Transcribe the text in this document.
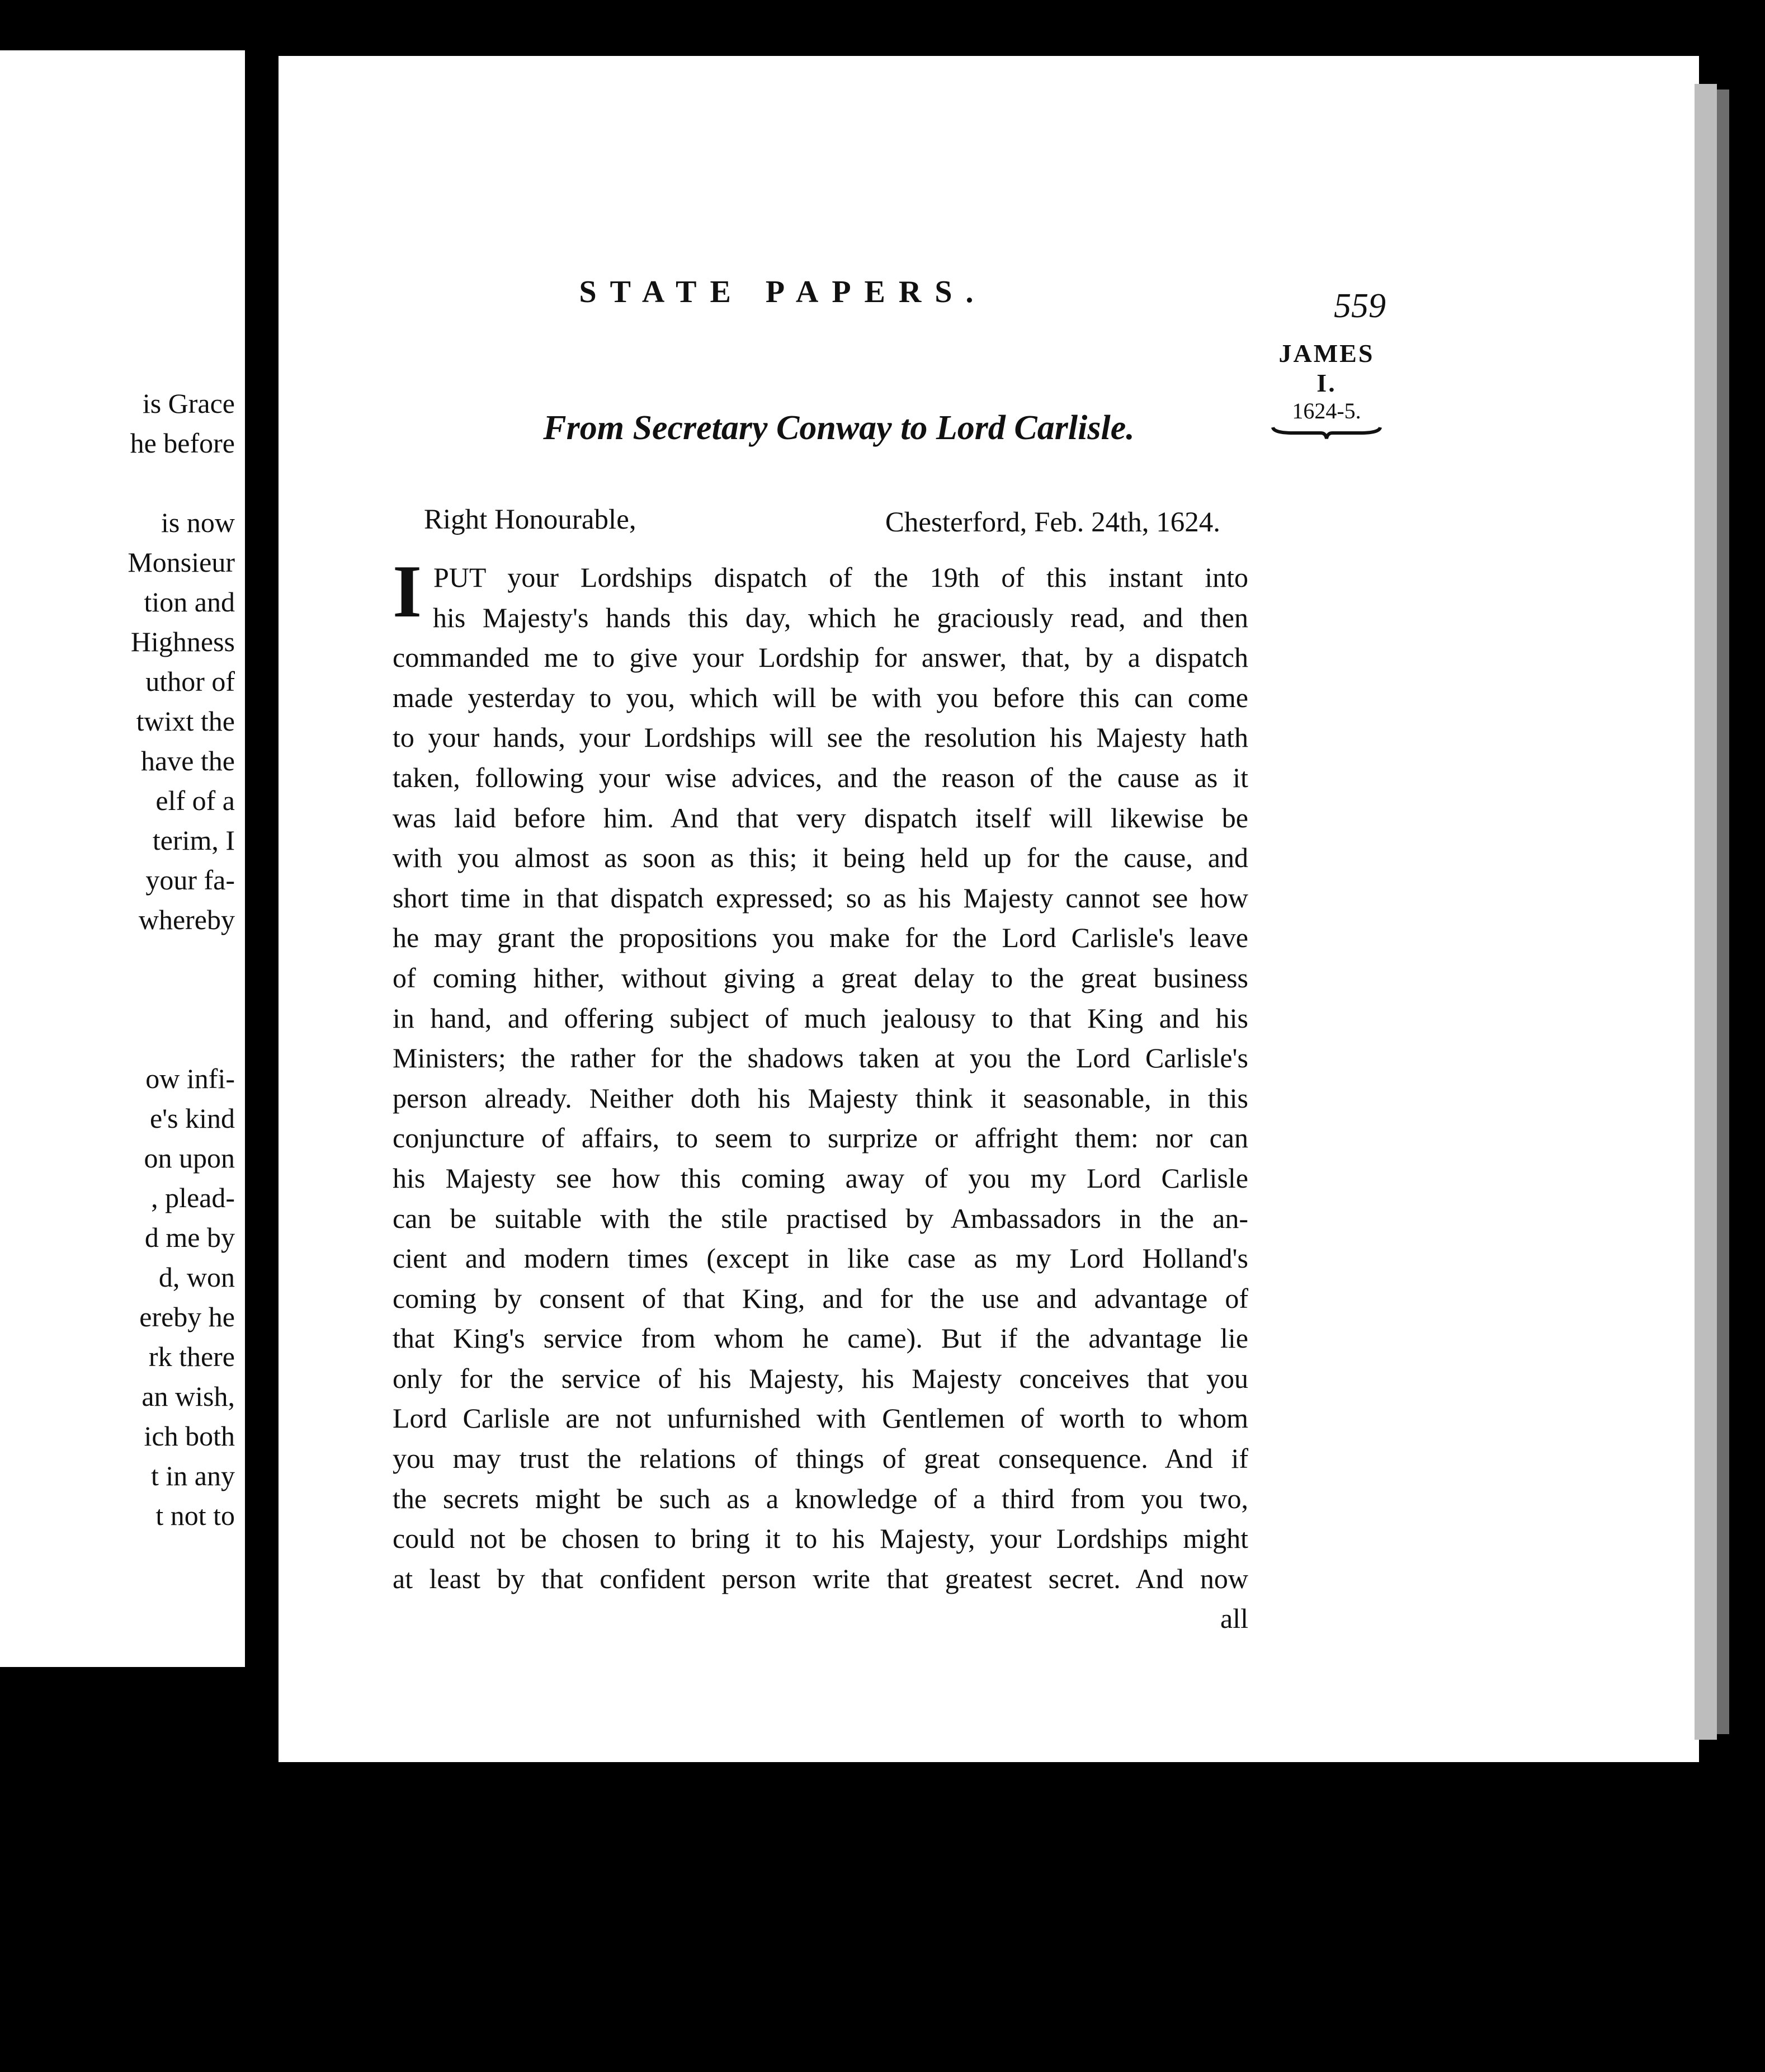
is Grace
he before
is now
Monsieur
tion and
Highness
uthor of
twixt the
have the
elf of a
terim, I
your fa-
whereby
ow infi-
e's kind
on upon
, plead-
d me by
d, won
ereby he
rk there
an wish,
ich both
t in any
t not to
STATE PAPERS.	559
JAMES I.
1624-5.
From Secretary Conway to Lord Carlisle.
Right Honourable,	Chesterford, Feb. 24th, 1624.
I PUT your Lordships dispatch of the 19th of this instant into
his Majesty's hands this day, which he graciously read, and then
commanded me to give your Lordship for answer, that, by a dispatch
made yesterday to you, which will be with you before this can come
to your hands, your Lordships will see the resolution his Majesty hath
taken, following your wise advices, and the reason of the cause as it
was laid before him. And that very dispatch itself will likewise be
with you almost as soon as this; it being held up for the cause, and
short time in that dispatch expressed; so as his Majesty cannot see how
he may grant the propositions you make for the Lord Carlisle's leave
of coming hither, without giving a great delay to the great business
in hand, and offering subject of much jealousy to that King and his
Ministers; the rather for the shadows taken at you the Lord Carlisle's
person already. Neither doth his Majesty think it seasonable, in this
conjuncture of affairs, to seem to surprize or affright them: nor can
his Majesty see how this coming away of you my Lord Carlisle
can be suitable with the stile practised by Ambassadors in the an-
cient and modern times (except in like case as my Lord Holland's
coming by consent of that King, and for the use and advantage of
that King's service from whom he came). But if the advantage lie
only for the service of his Majesty, his Majesty conceives that you
Lord Carlisle are not unfurnished with Gentlemen of worth to whom
you may trust the relations of things of great consequence. And if
the secrets might be such as a knowledge of a third from you two,
could not be chosen to bring it to his Majesty, your Lordships might
at least by that confident person write that greatest secret. And now
all
